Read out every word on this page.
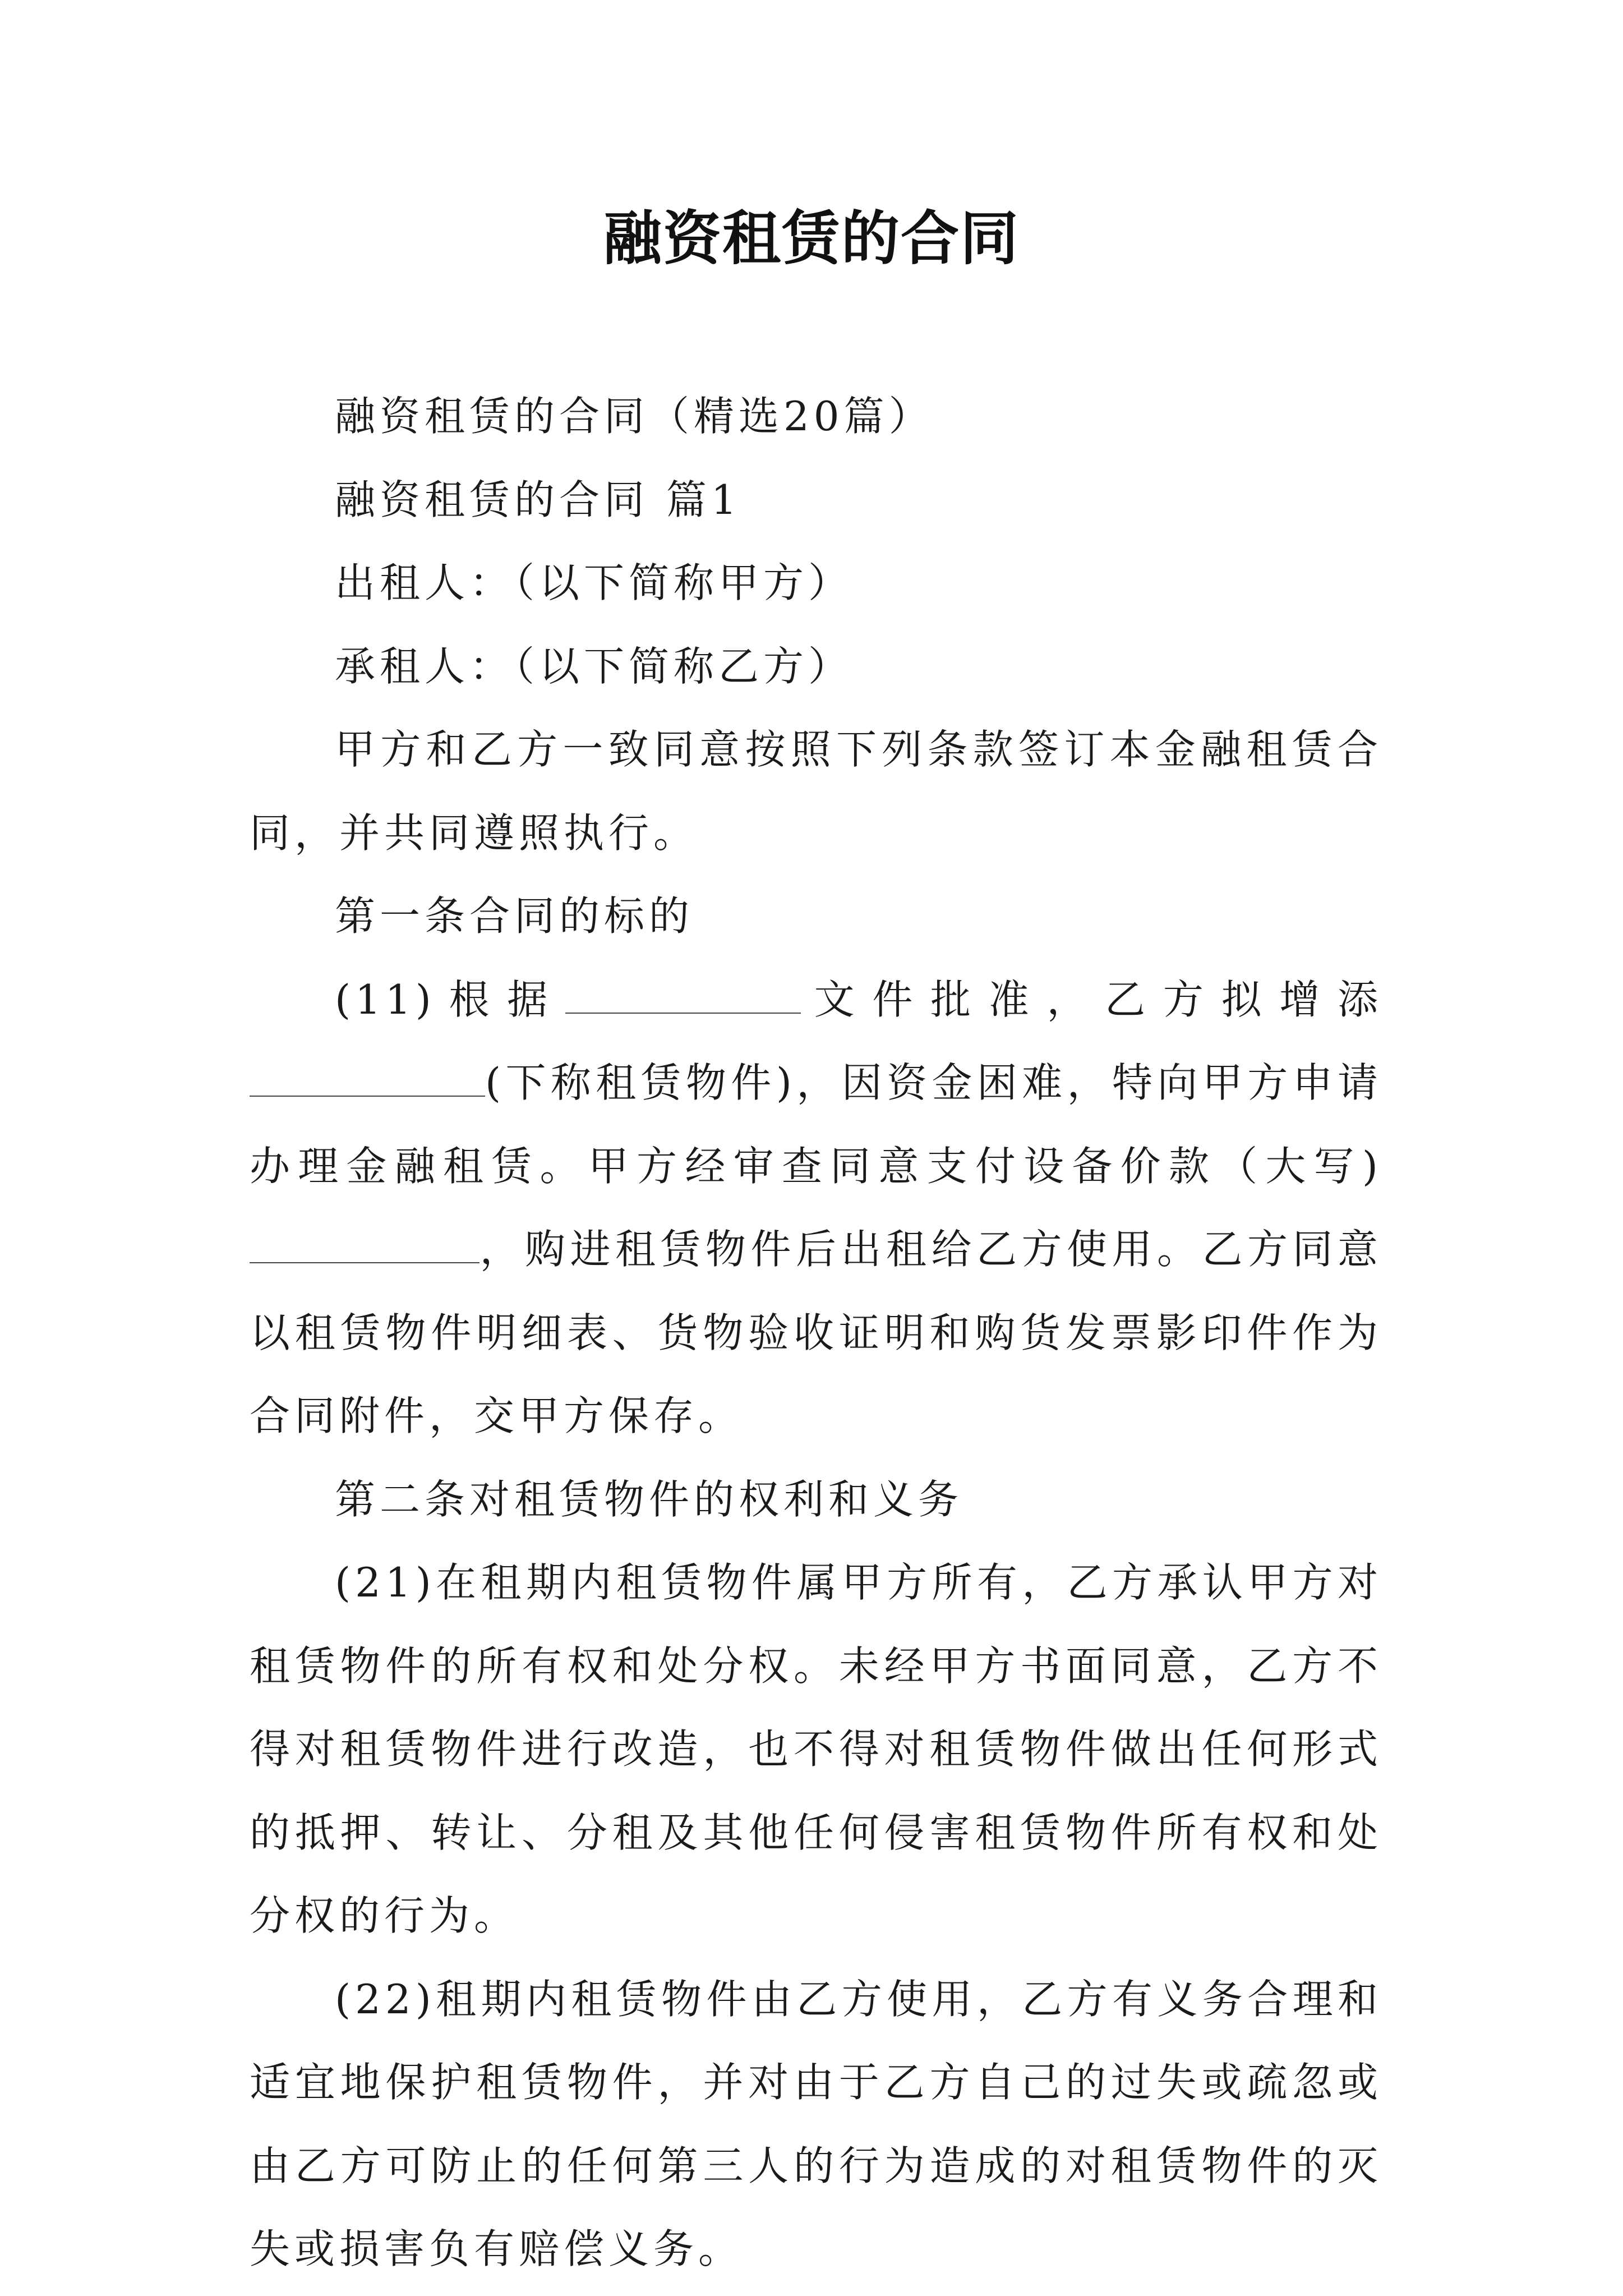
融资租赁的合同

融资租赁的合同（精选20篇）

融资租赁的合同 篇1

出租人：（以下简称甲方）

承租人：（以下简称乙方）

甲方和乙方一致同意按照下列条款签订本金融租赁合同，并共同遵照执行。

第一条合同的标的

(11)根据	文件批准，乙方拟增添(下称租赁物件)，因资金困难，特向甲方申请办理金融租赁。甲方经审查同意支付设备价款（大写)，购进租赁物件后出租给乙方使用。乙方同意以租赁物件明细表、货物验收证明和购货发票影印件作为合同附件，交甲方保存。

第二条对租赁物件的权利和义务

(21)在租期内租赁物件属甲方所有，乙方承认甲方对租赁物件的所有权和处分权。未经甲方书面同意，乙方不得对租赁物件进行改造，也不得对租赁物件做出任何形式的抵押、转让、分租及其他任何侵害租赁物件所有权和处分权的行为。

(22)租期内租赁物件由乙方使用，乙方有义务合理和适宜地保护租赁物件，并对由于乙方自己的过失或疏忽或由乙方可防止的任何第三人的行为造成的对租赁物件的灭失或损害负有赔偿义务。
